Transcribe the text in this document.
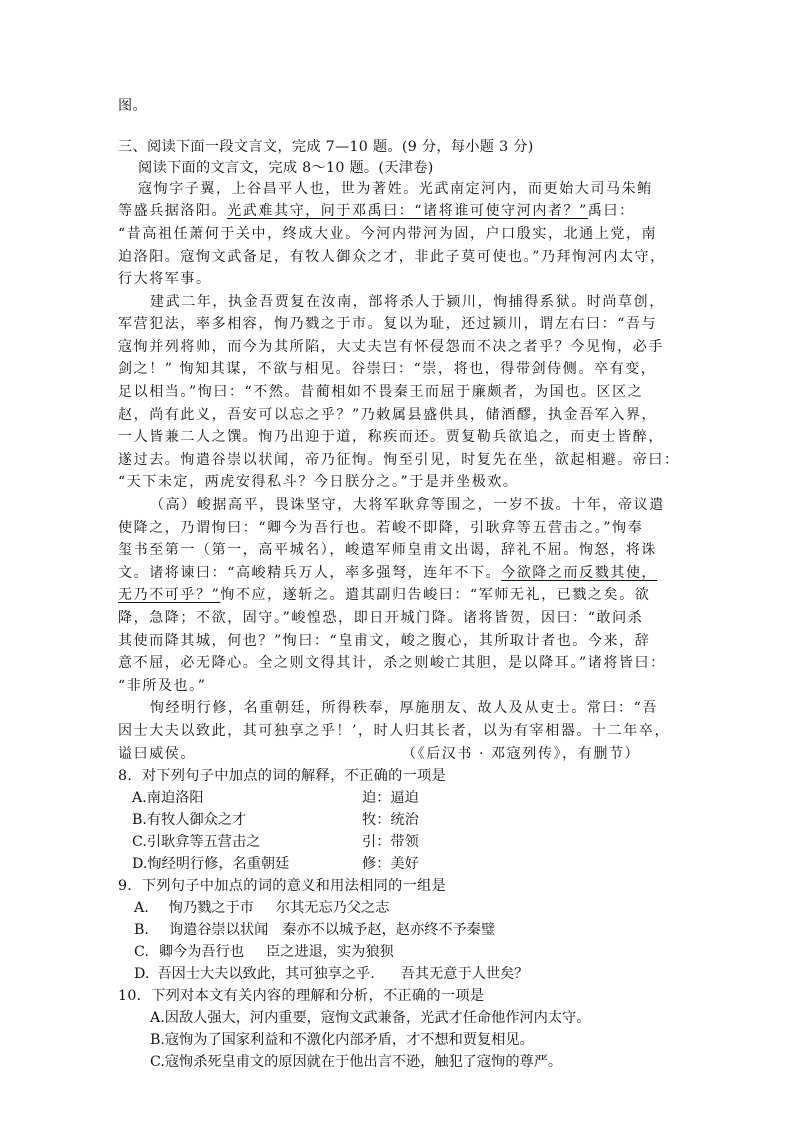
图。
三、阅读下面一段文言文，完成 7—10 题。(9 分，每小题 3 分)
阅读下面的文言文，完成 8～10 题。(天津卷)
寇恂字子翼，上谷昌平人也，世为著姓。光武南定河内，而更始大司马朱鲔
等盛兵据洛阳。光武难其守，问于邓禹曰：“诸将谁可使守河内者？”禹曰：
“昔高祖任萧何于关中，终成大业。今河内带河为固，户口殷实，北通上党，南
迫洛阳。寇恂文武备足，有牧人御众之才，非此子莫可使也。”乃拜恂河内太守，
行大将军事。
建武二年，执金吾贾复在汝南，部将杀人于颍川，恂捕得系狱。时尚草创，
军营犯法，率多相容，恂乃戮之于市。复以为耻，还过颍川，谓左右曰：“吾与
寇恂并列将帅，而今为其所陷，大丈夫岂有怀侵怨而不决之者乎？今见恂，必手
剑之！” 恂知其谋，不欲与相见。谷崇曰：“崇，将也，得带剑侍侧。卒有变，
足以相当。”恂曰：“不然。昔蔺相如不畏秦王而屈于廉颇者，为国也。区区之
赵，尚有此义，吾安可以忘之乎？”乃敕属县盛供具，储酒醪，执金吾军入界，
一人皆兼二人之馔。恂乃出迎于道，称疾而还。贾复勒兵欲追之，而吏士皆醉，
遂过去。恂遣谷崇以状闻，帝乃征恂。恂至引见，时复先在坐，欲起相避。帝曰：
“天下未定，两虎安得私斗？今日朕分之。”于是并坐极欢。
（高）峻据高平，畏诛坚守，大将军耿弇等围之，一岁不拔。十年，帝议遣
使降之，乃谓恂曰：“卿今为吾行也。若峻不即降，引耿弇等五营击之。”恂奉
玺书至第一（第一，高平城名），峻遣军师皇甫文出谒，辞礼不屈。恂怒，将诛
文。诸将谏曰：“高峻精兵万人，率多强弩，连年不下。今欲降之而反戮其使，
无乃不可乎？”恂不应，遂斩之。遣其副归告峻曰：“军师无礼，已戮之矣。欲
降，急降；不欲，固守。”峻惶恐，即日开城门降。诸将皆贺，因曰：“敢问杀
其使而降其城，何也？”恂曰：“皇甫文，峻之腹心，其所取计者也。今来，辞
意不屈，必无降心。全之则文得其计，杀之则峻亡其胆，是以降耳。”诸将皆曰：
“非所及也。”
恂经明行修，名重朝廷，所得秩奉，厚施朋友、故人及从吏士。常曰：“吾
因士大夫以致此，其可独享之乎！’，时人归其长者，以为有宰相器。十二年卒，
谥曰威侯。	（《后汉书 · 邓寇列传》，有删节）
8．对下列句子中加点的词的解释，不正确的一项是
A.南迫洛阳	迫：逼迫
B.有牧人御众之才	牧：统治
C.引耿弇等五营击之	引：带领
D.恂经明行修，名重朝廷	修：美好
9．下列句子中加点的词的意义和用法相同的一组是
A. 恂乃戮之于市 尔其无忘乃父之志
B. 询遣谷崇以状闻 秦亦不以城予赵，赵亦终不予秦璧
C. 卿今为吾行也 臣之进退，实为狼狈
D. 吾因士大夫以致此，其可独享之乎. 吾其无意于人世矣？
10．下列对本文有关内容的理解和分析，不正确的一项是
A.因敌人强大，河内重要，寇恂文武兼备，光武才任命他作河内太守。
B.寇恂为了国家利益和不激化内部矛盾，才不想和贾复相见。
C.寇恂杀死皇甫文的原因就在于他出言不逊，触犯了寇恂的尊严。
